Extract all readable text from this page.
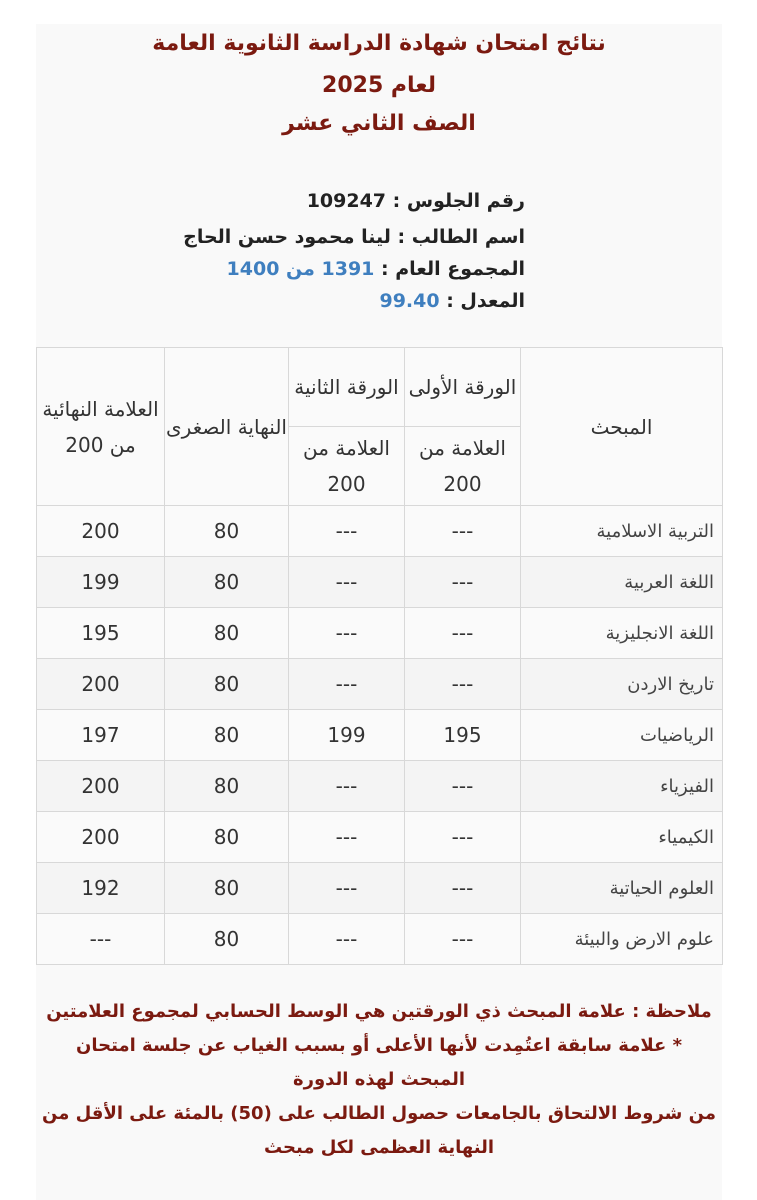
نتائج امتحان شهادة الدراسة الثانوية العامة
لعام 2025
الصف الثاني عشر
رقم الجلوس : 109247
اسم الطالب : لينا محمود حسن الحاج
المجموع العام : 1391 من 1400
المعدل : 99.40
المبحث	الورقة الأولى	الورقة الثانية	النهاية الصغرى	العلامة النهائية من 200
	العلامة من 200	العلامة من 200		
التربية الاسلامية	---	---	80	200
اللغة العربية	---	---	80	199
اللغة الانجليزية	---	---	80	195
تاريخ الاردن	---	---	80	200
الرياضيات	195	199	80	197
الفيزياء	---	---	80	200
الكيمياء	---	---	80	200
العلوم الحياتية	---	---	80	192
علوم الارض والبيئة	---	---	80	---
ملاحظة : علامة المبحث ذي الورقتين هي الوسط الحسابي لمجموع العلامتين
* علامة سابقة اعتُمِدت لأنها الأعلى أو بسبب الغياب عن جلسة امتحان
المبحث لهذه الدورة
من شروط الالتحاق بالجامعات حصول الطالب على (50) بالمئة على الأقل من
النهاية العظمى لكل مبحث
